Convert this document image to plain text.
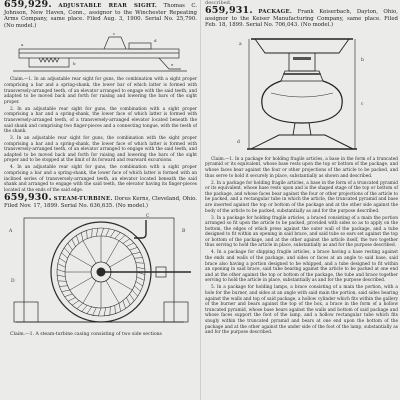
659,929. ADJUSTABLE REAR SIGHT. Thomas C. Johnson, New Haven, Conn., assignor to the Winchester Repeating Arms Company, same place. Filed Aug. 3, 1900. Serial No. 25,790. (No model.)

a
b
c
d
e

Claim.—1. In an adjustable rear sight for guns, the combination with a sight proper comprising a bar and a spring-shank, the lower bar of which latter is formed with transversely-arranged teeth, of an elevator arranged to engage with the said teeth, and adapted to be moved back and forth for raising and lowering the bars of the sight proper.

2. In an adjustable rear sight for guns, the combination with a sight proper comprising a bar and a spring-shank, the lower face of which latter is formed with transversely-arranged teeth, of a transversely-arranged elevator located beneath the said shank and comprising two finger-pieces and a connecting tongue, with the teeth of the shank.

3. In an adjustable rear sight for guns, the combination with the sight proper comprising a bar and a spring-shank, the lower face of which latter is formed with transversely-arranged teeth, of an elevator arranged to engage with the said teeth, and adapted to be moved back and forth for raising and lowering the bars of the sight proper and to be stopped at the limit of its forward and rearward excursions.

4. In an adjustable rear sight for guns, the combination with a sight proper comprising a bar and a spring-shank, the lower face of which latter is formed with an inclined series of transversely-arranged teeth, an elevator located beneath the said shank and arranged to engage with the said teeth, the elevator having its finger-pieces located at the ends of the said edge.

659,930. STEAM-TURBINE. Dorus Kerns, Cleveland, Ohio. Filed Nov. 17, 1899. Serial No. 636,635. (No model.)

A	B
C
D

Claim.—1. A steam-turbine casing consisting of two side sections

described.

659,931. PACKAGE. Frank Keiserbach, Dayton, Ohio, assignor to the Keiser Manufacturing Company, same place. Filed Feb. 18, 1899. Serial No. 706,043. (No model.)

a
b
c
d

Claim.—1. In a package for holding fragile articles, a base in the form of a truncated pyramid or its equivalent, whose base rests upon the top or bottom of the package, and whose faces bear against the four or other projections of the article to be packed, and thus serve to hold it securely in place, substantially as shown and described.

2. In a package for holding fragile articles, a base in the form of a truncated pyramid or its equivalent, whose base rests upon and is the shaped stage of the top or bottom of the package, and whose faces bear against the four or other projections of the article to be packed, and a rectangular tube in which the article, the truncated pyramid and base are inserted against the top or bottom of the package and at the other side against the body of the article to be packed, substantially as and for the purpose described.

3. In a package for holding fragile articles, a braced consisting of a main the portion arranged so fit upon the article to be packed, provided with sides so as to apply on the bottom, the edges of which press against the outer wall of the package, and a tube designed to fit within an opening in said brace, and said tube so ears set against the top or bottom of the package, and at the other against the article itself, the two together thus serving to hold the article in place, substantially as and for the purpose described.

4. In a package for shipping fragile articles, a brace having a base resting against the ends and walls of the package, and sides or faces at an angle to said base, said brace also having a portion designed to be whipped, and a tube designed to fit within an opening in said brace, said tube bearing against the article to be packed at one end and at the other against the top or bottom of the package, the tube and brace together serving to hold the article in place, substantially as and for the purpose described.

5. In a package for holding lamps, a brace consisting of a main the portion, with a hole for the burner, and sides at an angle with said main the portion, said sides bearing against the walls and top of said package, a hollow cylinder which fits within the gallery of the burner and bears against the top of the box, a brace in the form of a hollow truncated pyramid, whose base bears against the walls and bottom of said package and whose faces support the foot of the lamp, and a hollow rectangular tube which fits snugly within the truncated pyramid and bears at one end upon the bottom of the package and at the other against the under side of the foot of the lamp, substantially as and for the purpose described.
